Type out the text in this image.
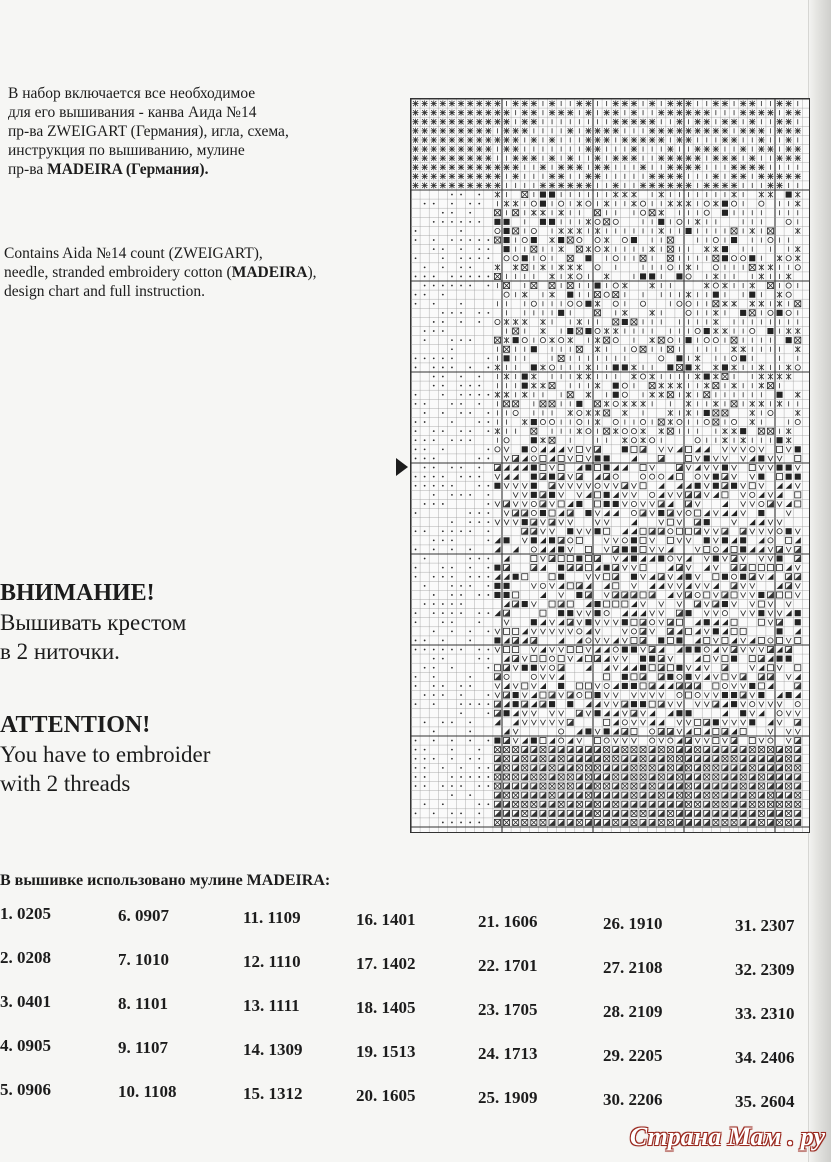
В набор включается все необходимое
для его вышивания - канва Аида №14
пр-ва ZWEIGART (Германия), игла, схема,
инструкция по вышиванию, мулине
пр-ва MADEIRA (Германия).
Contains Aida №14 count (ZWEIGART),
needle, stranded embroidery cotton (MADEIRA),
design chart and full instruction.
ВНИМАНИЕ!
Вышивать крестом
в 2 ниточки.
ATTENTION!
You have to embroider
with 2 threads
В вышивке использовано мулине MADEIRA:
1. 0205
2. 0208
3. 0401
4. 0905
5. 0906
6. 0907
7. 1010
8. 1101
9. 1107
10. 1108
11. 1109
12. 1110
13. 1111
14. 1309
15. 1312
16. 1401
17. 1402
18. 1405
19. 1513
20. 1605
21. 1606
22. 1701
23. 1705
24. 1713
25. 1909
26. 1910
27. 2108
28. 2109
29. 2205
30. 2206
31. 2307
32. 2309
33. 2310
34. 2406
35. 2604
Страна Мам . ру
